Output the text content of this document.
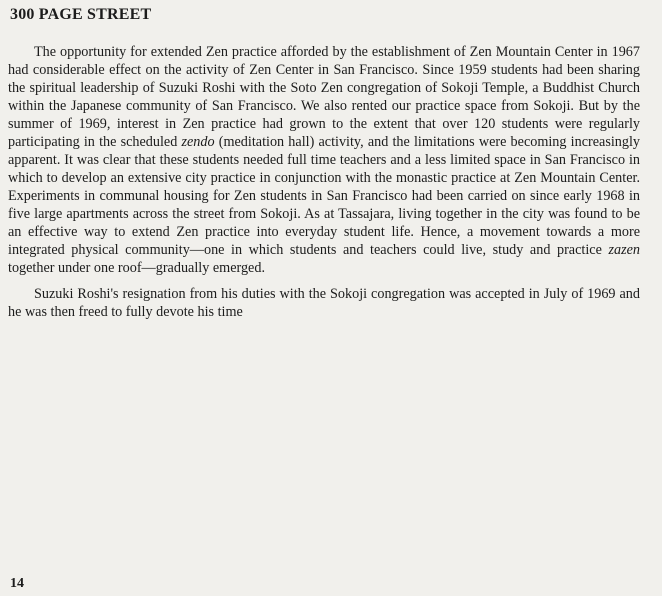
300 PAGE STREET

The opportunity for extended Zen practice afforded by the establishment of Zen Mountain Center in 1967 had considerable effect on the activity of Zen Center in San Francisco. Since 1959 students had been sharing the spiritual leadership of Suzuki Roshi with the Soto Zen congregation of Sokoji Temple, a Buddhist Church within the Japanese community of San Francisco. We also rented our practice space from Sokoji. But by the summer of 1969, interest in Zen practice had grown to the extent that over 120 students were regularly participating in the scheduled zendo (meditation hall) activity, and the limitations were becoming increasingly apparent. It was clear that these students needed full time teachers and a less limited space in San Francisco in which to develop an extensive city practice in conjunction with the monastic practice at Zen Mountain Center. Experiments in communal housing for Zen students in San Francisco had been carried on since early 1968 in five large apartments across the street from Sokoji. As at Tassajara, living together in the city was found to be an effective way to extend Zen practice into everyday student life. Hence, a movement towards a more integrated physical community—one in which students and teachers could live, study and practice zazen together under one roof—gradually emerged.

Suzuki Roshi's resignation from his duties with the Sokoji congregation was accepted in July of 1969 and he was then freed to fully devote his time

14
